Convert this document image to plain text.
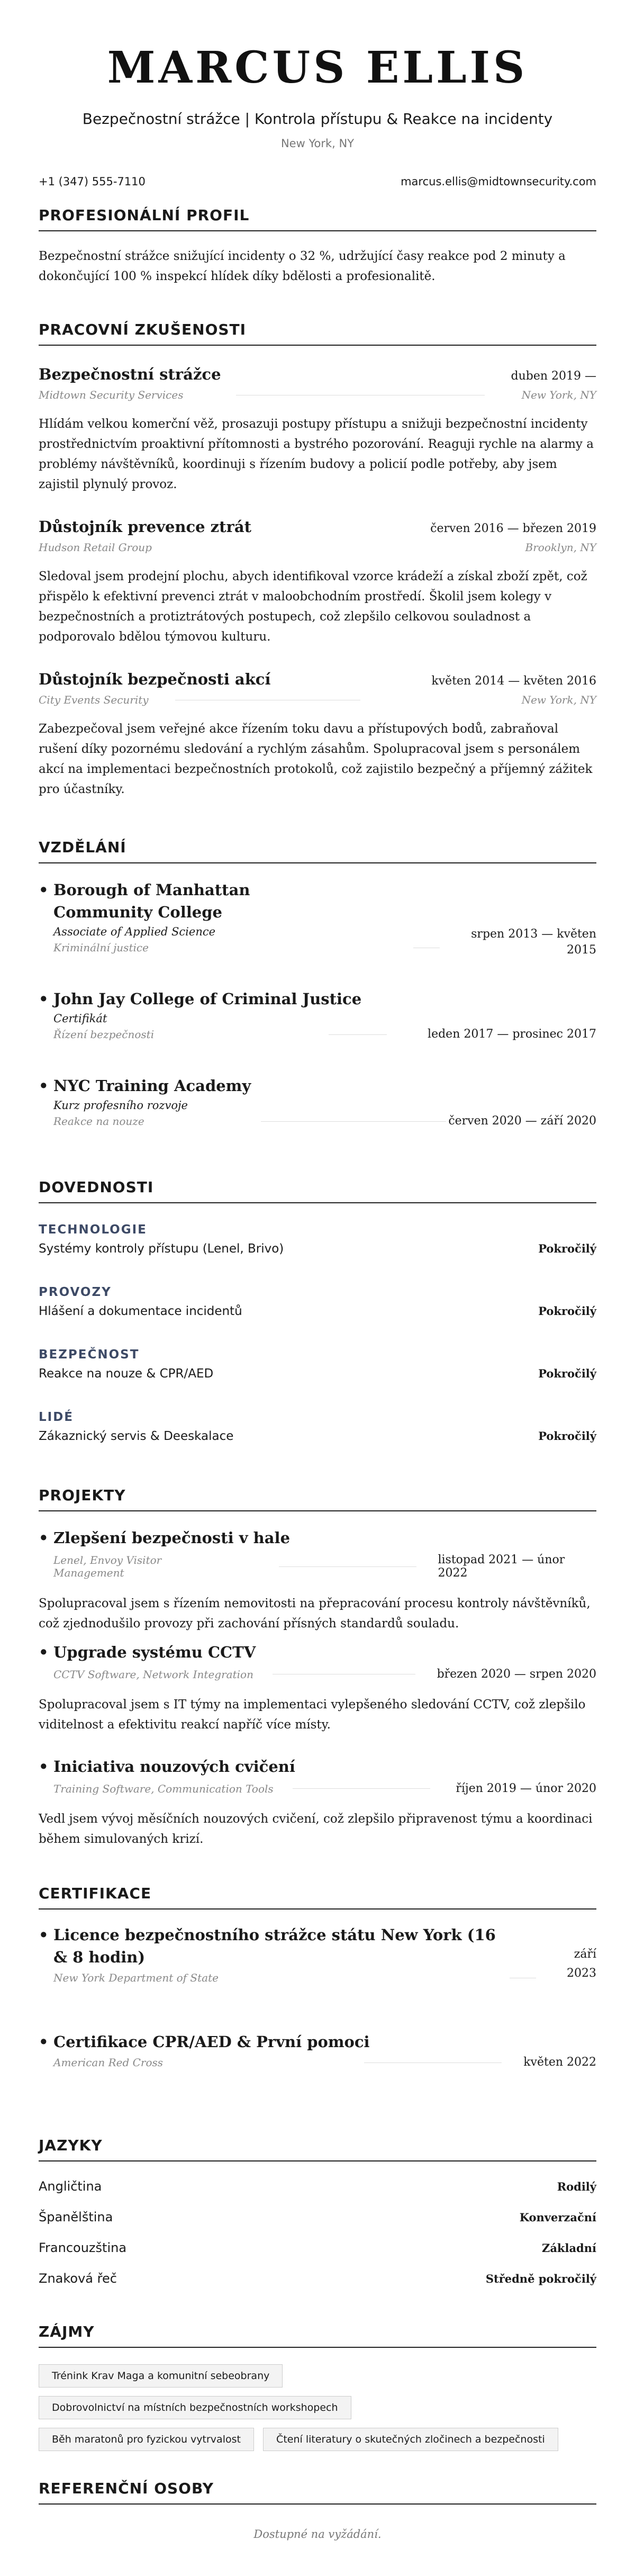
MARCUS ELLIS
Bezpečnostní strážce | Kontrola přístupu & Reakce na incidenty
New York, NY
+1 (347) 555-7110	marcus.ellis@midtownsecurity.com
PROFESIONÁLNÍ PROFIL

Bezpečnostní strážce snižující incidenty o 32 %, udržující časy reakce pod 2 minuty a dokončující 100 % inspekcí hlídek díky bdělosti a profesionalitě.

PRACOVNÍ ZKUŠENOSTI
Bezpečnostní strážce	duben 2019 —
Midtown Security Services	New York, NY

Hlídám velkou komerční věž, prosazuji postupy přístupu a snižuji bezpečnostní incidenty prostřednictvím proaktivní přítomnosti a bystrého pozorování. Reaguji rychle na alarmy a problémy návštěvníků, koordinuji s řízením budovy a policií podle potřeby, aby jsem zajistil plynulý provoz.

Důstojník prevence ztrát	červen 2016 — březen 2019
Hudson Retail Group	Brooklyn, NY

Sledoval jsem prodejní plochu, abych identifikoval vzorce krádeží a získal zboží zpět, což přispělo k efektivní prevenci ztrát v maloobchodním prostředí. Školil jsem kolegy v bezpečnostních a protiztrátových postupech, což zlepšilo celkovou souladnost a podporovalo bdělou týmovou kulturu.

Důstojník bezpečnosti akcí	květen 2014 — květen 2016
City Events Security	New York, NY

Zabezpečoval jsem veřejné akce řízením toku davu a přístupových bodů, zabraňoval rušení díky pozornému sledování a rychlým zásahům. Spolupracoval jsem s personálem akcí na implementaci bezpečnostních protokolů, což zajistilo bezpečný a příjemný zážitek pro účastníky.

VZDĚLÁNÍ
• Borough of Manhattan Community College
Associate of Applied Science
Kriminální justice
srpen 2013 — květen
2015
• John Jay College of Criminal Justice
Certifikát
Řízení bezpečnosti	leden 2017 — prosinec 2017
• NYC Training Academy
Kurz profesního rozvoje
Reakce na nouze	červen 2020 — září 2020
DOVEDNOSTI
TECHNOLOGIE
Systémy kontroly přístupu (Lenel, Brivo)	Pokročilý
PROVOZY
Hlášení a dokumentace incidentů	Pokročilý
BEZPEČNOST
Reakce na nouze & CPR/AED	Pokročilý
LIDÉ
Zákaznický servis & Deeskalace	Pokročilý
PROJEKTY
• Zlepšení bezpečnosti v hale
Lenel, Envoy Visitor Management
listopad 2021 — únor 2022

Spolupracoval jsem s řízením nemovitosti na přepracování procesu kontroly návštěvníků, což zjednodušilo provozy při zachování přísných standardů souladu.

• Upgrade systému CCTV
CCTV Software, Network Integration	březen 2020 — srpen 2020

Spolupracoval jsem s IT týmy na implementaci vylepšeného sledování CCTV, což zlepšilo viditelnost a efektivitu reakcí napříč více místy.

• Iniciativa nouzových cvičení
Training Software, Communication Tools	říjen 2019 — únor 2020

Vedl jsem vývoj měsíčních nouzových cvičení, což zlepšilo připravenost týmu a koordinaci během simulovaných krizí.

CERTIFIKACE
• Licence bezpečnostního strážce státu New York (16 & 8 hodin)
New York Department of State
září
2023
• Certifikace CPR/AED & První pomoci
American Red Cross	květen 2022
JAZYKY
Angličtina	Rodilý
Španělština	Konverzační
Francouzština	Základní
Znaková řeč	Středně pokročilý
ZÁJMY
Trénink Krav Maga a komunitní sebeobrany
Dobrovolnictví na místních bezpečnostních workshopech
Běh maratonů pro fyzickou vytrvalost	Čtení literatury o skutečných zločinech a bezpečnosti
REFERENČNÍ OSOBY
Dostupné na vyžádání.
